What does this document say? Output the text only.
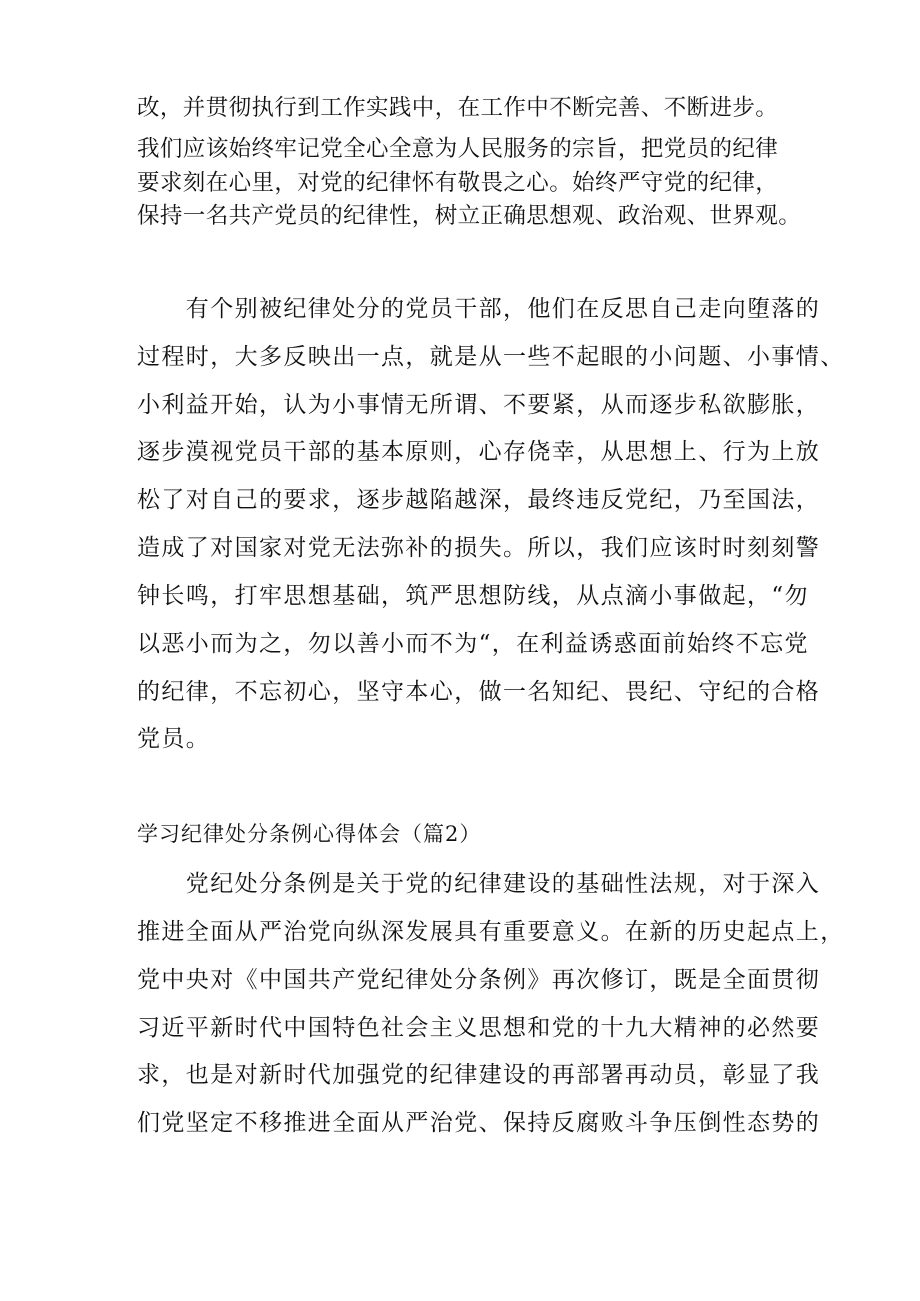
改，并贯彻执行到工作实践中，在工作中不断完善、不断进步。
我们应该始终牢记党全心全意为人民服务的宗旨，把党员的纪律
要求刻在心里，对党的纪律怀有敬畏之心。始终严守党的纪律，
保持一名共产党员的纪律性，树立正确思想观、政治观、世界观。
　　有个别被纪律处分的党员干部，他们在反思自己走向堕落的
过程时，大多反映出一点，就是从一些不起眼的小问题、小事情、
小利益开始，认为小事情无所谓、不要紧，从而逐步私欲膨胀，
逐步漠视党员干部的基本原则，心存侥幸，从思想上、行为上放
松了对自己的要求，逐步越陷越深，最终违反党纪，乃至国法，
造成了对国家对党无法弥补的损失。所以，我们应该时时刻刻警
钟长鸣，打牢思想基础，筑严思想防线，从点滴小事做起，“勿
以恶小而为之，勿以善小而不为“，在利益诱惑面前始终不忘党
的纪律，不忘初心，坚守本心，做一名知纪、畏纪、守纪的合格
党员。
学习纪律处分条例心得体会（篇2）
　　党纪处分条例是关于党的纪律建设的基础性法规，对于深入
推进全面从严治党向纵深发展具有重要意义。在新的历史起点上，
党中央对《中国共产党纪律处分条例》再次修订，既是全面贯彻
习近平新时代中国特色社会主义思想和党的十九大精神的必然要
求，也是对新时代加强党的纪律建设的再部署再动员，彰显了我
们党坚定不移推进全面从严治党、保持反腐败斗争压倒性态势的
